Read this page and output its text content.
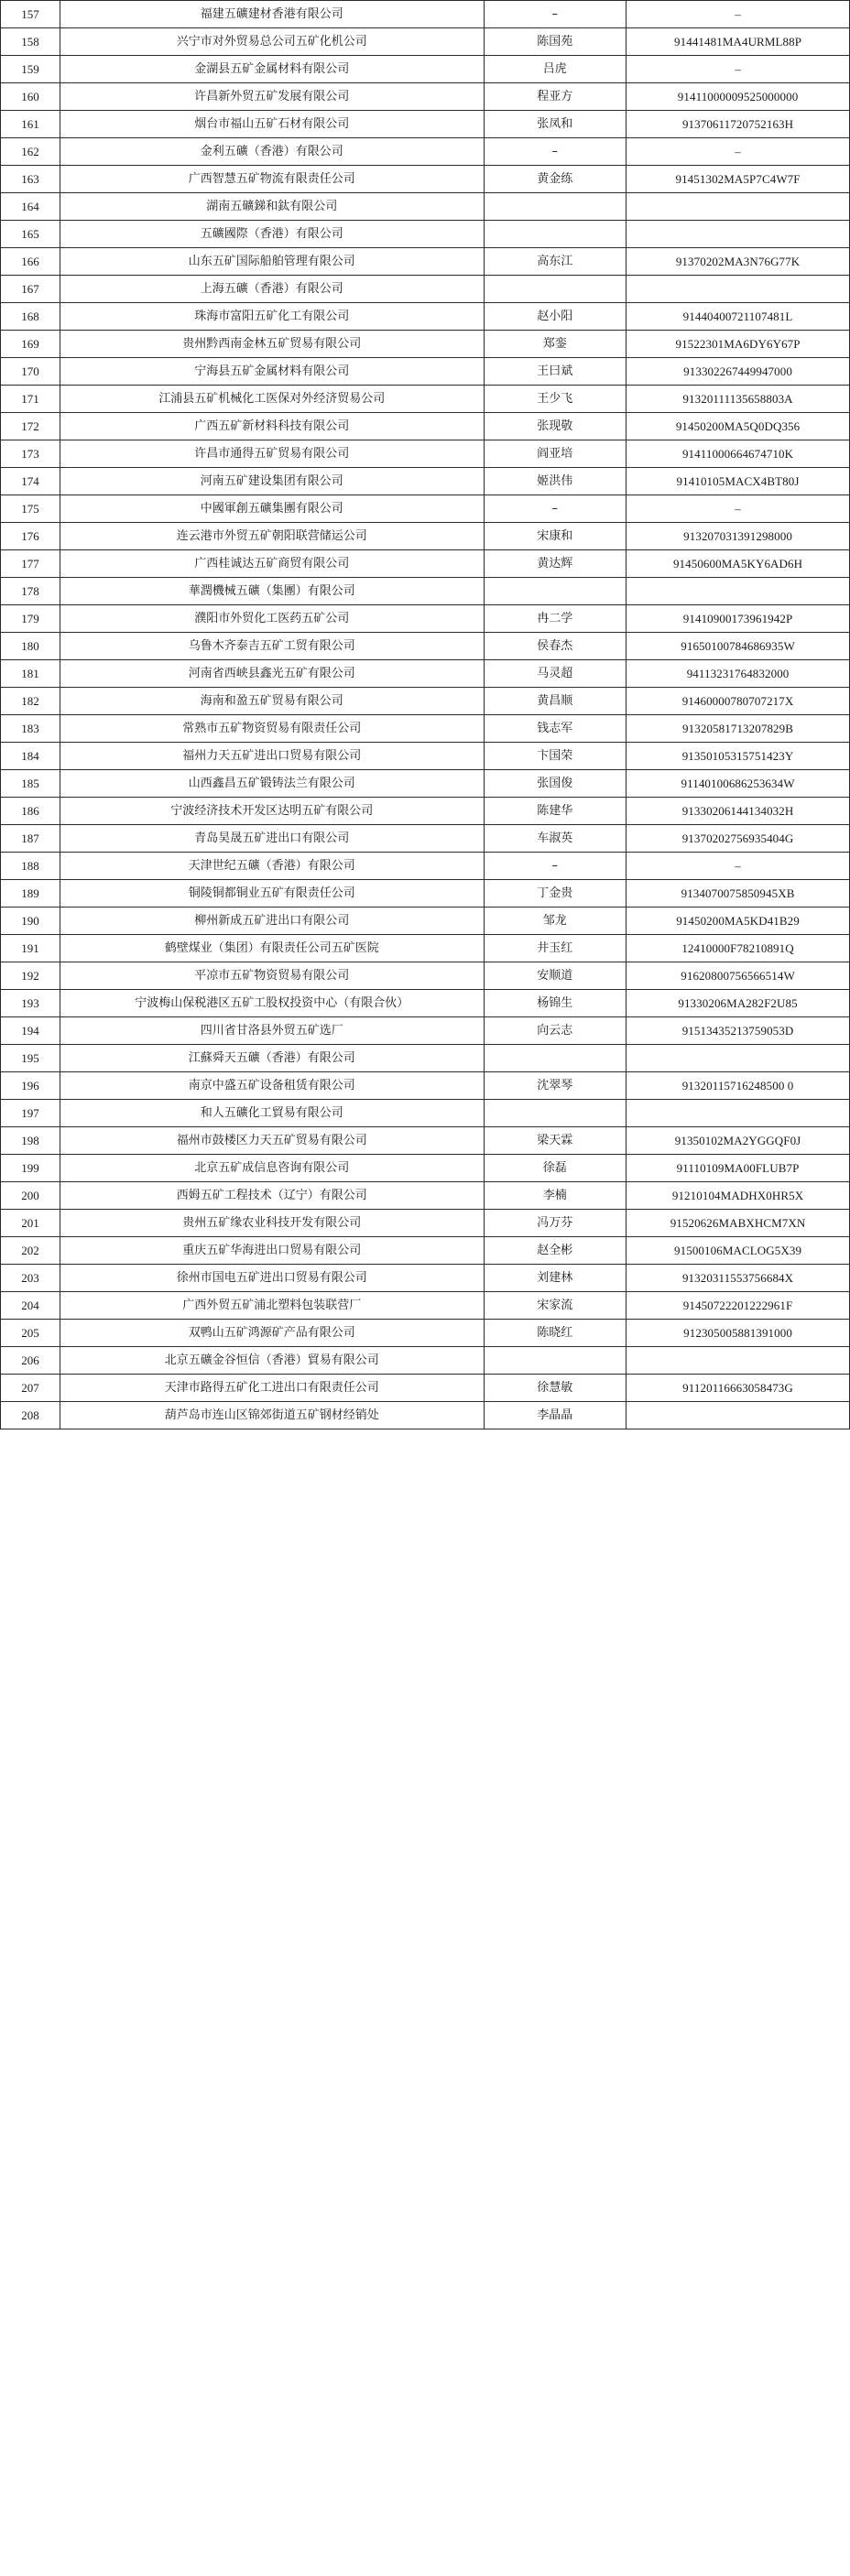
157	福建五礦建材香港有限公司	–	–
158	兴宁市对外贸易总公司五矿化机公司	陈国苑	91441481MA4URML88P
159	金湖县五矿金属材料有限公司	吕虎	–
160	许昌新外贸五矿发展有限公司	程亚方	91411000009525000000
161	烟台市福山五矿石材有限公司	张凤和	91370611720752163H
162	金利五礦（香港）有限公司	–	–
163	广西智慧五矿物流有限责任公司	黄金练	91451302MA5P7C4W7F
164	湖南五礦銻和鈦有限公司		
165	五礦國際（香港）有限公司		
166	山东五矿国际船舶管理有限公司	高东江	91370202MA3N76G77K
167	上海五礦（香港）有限公司		
168	珠海市富阳五矿化工有限公司	赵小阳	91440400721107481L
169	贵州黔西南金林五矿贸易有限公司	郑銮	91522301MA6DY6Y67P
170	宁海县五矿金属材料有限公司	王曰斌	913302267449947000
171	江浦县五矿机械化工医保对外经济贸易公司	王少飞	91320111135658803A
172	广西五矿新材料科技有限公司	张现敬	91450200MA5Q0DQ356
173	许昌市通得五矿贸易有限公司	阎亚培	91411000664674710K
174	河南五矿建设集团有限公司	姬洪伟	91410105MACX4BT80J
175	中國軍創五礦集團有限公司	–	–
176	连云港市外贸五矿朝阳联营储运公司	宋康和	913207031391298000
177	广西桂诚达五矿商贸有限公司	黄达辉	91450600MA5KY6AD6H
178	華潤機械五礦（集團）有限公司		
179	濮阳市外贸化工医药五矿公司	冉二学	91410900173961942P
180	乌鲁木齐泰吉五矿工贸有限公司	侯春杰	91650100784686935W
181	河南省西峡县鑫光五矿有限公司	马灵超	94113231764832000
182	海南和盈五矿贸易有限公司	黄昌顺	91460000780707217X
183	常熟市五矿物资贸易有限责任公司	钱志军	91320581713207829B
184	福州力天五矿进出口贸易有限公司	卞国荣	91350105315751423Y
185	山西鑫昌五矿锻铸法兰有限公司	张国俊	91140100686253634W
186	宁波经济技术开发区达明五矿有限公司	陈建华	91330206144134032H
187	青岛昊晟五矿进出口有限公司	车淑英	91370202756935404G
188	天津世纪五礦（香港）有限公司	–	–
189	铜陵铜都铜业五矿有限责任公司	丁金贵	9134070075850945XB
190	柳州新成五矿进出口有限公司	邹龙	91450200MA5KD41B29
191	鹤壁煤业（集团）有限责任公司五矿医院	井玉红	12410000F78210891Q
192	平凉市五矿物资贸易有限公司	安顺道	91620800756566514W
193	宁波梅山保税港区五矿工股权投资中心（有限合伙）	杨锦生	91330206MA282F2U85
194	四川省甘洛县外贸五矿选厂	向云志	91513435213759053D
195	江蘇舜天五礦（香港）有限公司		
196	南京中盛五矿设备租赁有限公司	沈翠琴	91320115716248500 0
197	和人五礦化工貿易有限公司		
198	福州市鼓楼区力天五矿贸易有限公司	梁天霖	91350102MA2YGGQF0J
199	北京五矿成信息咨询有限公司	徐磊	91110109MA00FLUB7P
200	西姆五矿工程技术（辽宁）有限公司	李楠	91210104MADHX0HR5X
201	贵州五矿缘农业科技开发有限公司	冯万芬	91520626MABXHCM7XN
202	重庆五矿华海进出口贸易有限公司	赵全彬	91500106MACLOG5X39
203	徐州市国电五矿进出口贸易有限公司	刘建林	91320311553756684X
204	广西外贸五矿浦北塑料包装联营厂	宋家流	91450722201222961F
205	双鸭山五矿鸿源矿产品有限公司	陈晓红	912305005881391000
206	北京五礦金谷恒信（香港）貿易有限公司		
207	天津市路得五矿化工进出口有限责任公司	徐慧敏	91120116663058473G
208	葫芦岛市连山区锦郊街道五矿钢材经销处	李晶晶	
